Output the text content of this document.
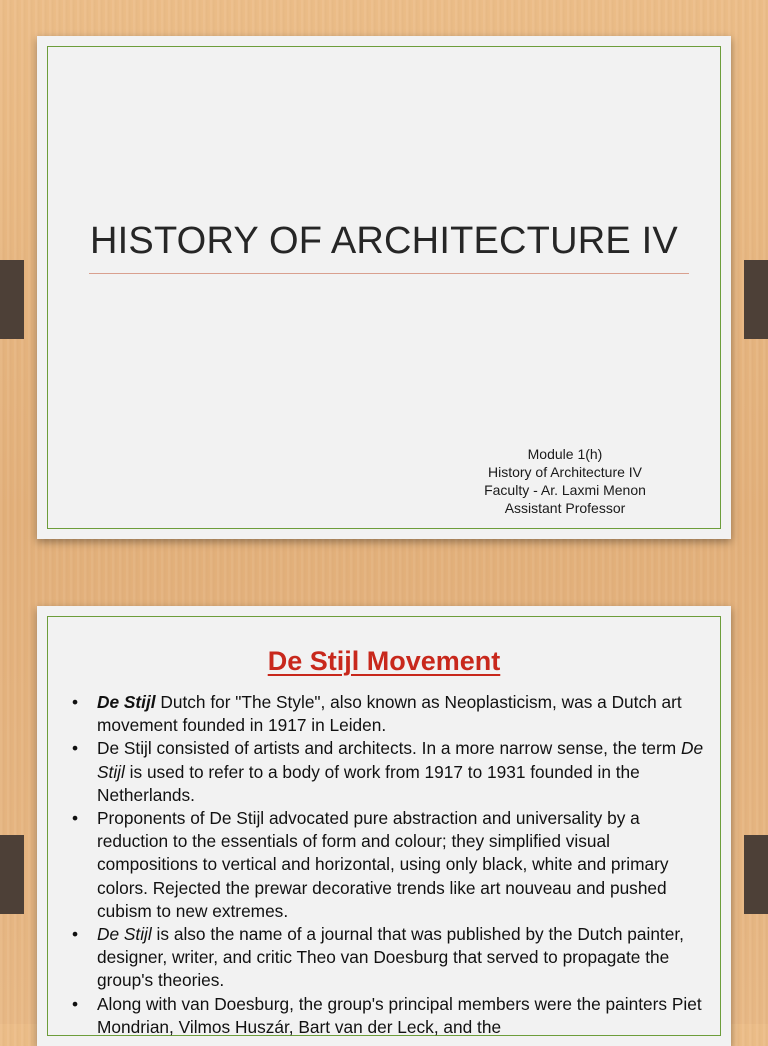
HISTORY OF ARCHITECTURE IV
Module 1(h)
History of Architecture IV
Faculty - Ar. Laxmi Menon
Assistant Professor
De Stijl Movement
• De Stijl Dutch for "The Style", also known as Neoplasticism, was a Dutch art movement founded in 1917 in Leiden.
• De Stijl consisted of artists and architects. In a more narrow sense, the term De Stijl is used to refer to a body of work from 1917 to 1931 founded in the Netherlands.
• Proponents of De Stijl advocated pure abstraction and universality by a reduction to the essentials of form and colour; they simplified visual compositions to vertical and horizontal, using only black, white and primary colors. Rejected the prewar decorative trends like art nouveau and pushed cubism to new extremes.
• De Stijl is also the name of a journal that was published by the Dutch painter, designer, writer, and critic Theo van Doesburg that served to propagate the group's theories.
• Along with van Doesburg, the group's principal members were the painters Piet Mondrian, Vilmos Huszár, Bart van der Leck, and the
